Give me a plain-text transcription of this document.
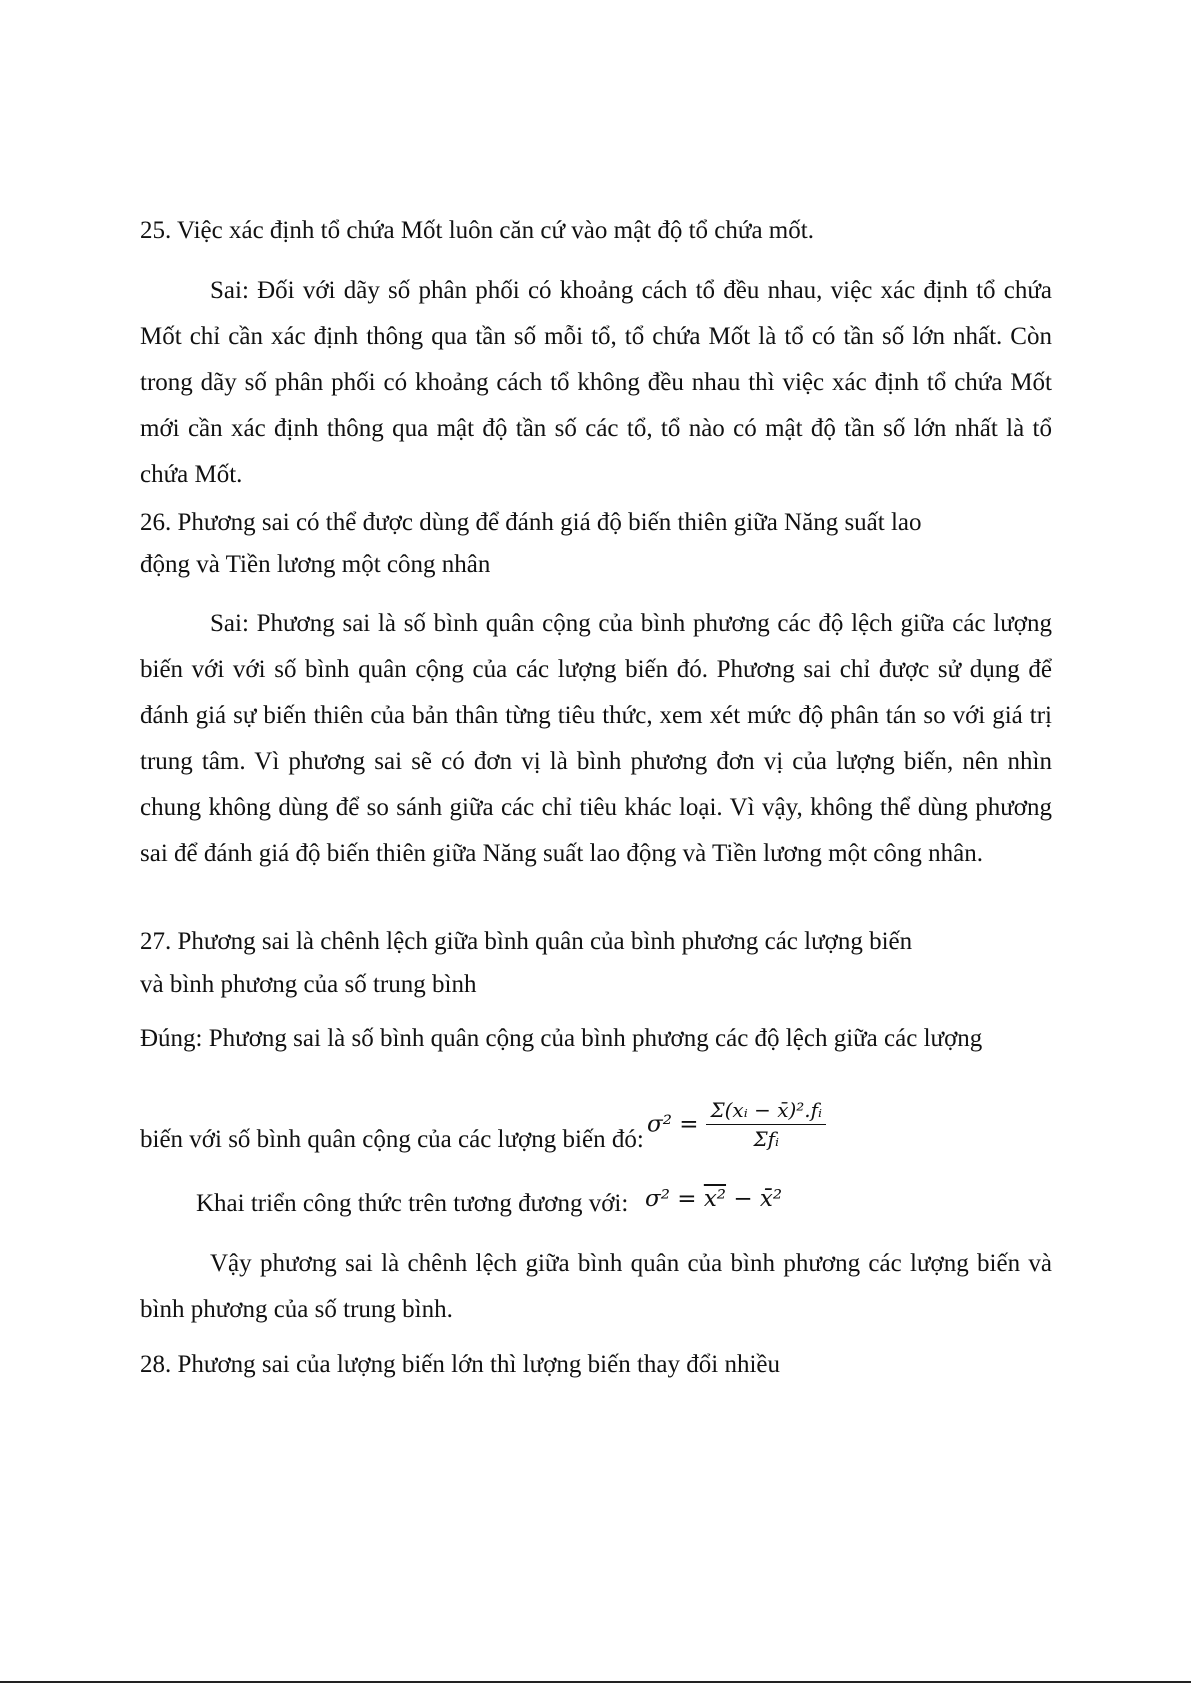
25. Việc xác định tổ chứa Mốt luôn căn cứ vào mật độ tổ chứa mốt.
Sai: Đối với dãy số phân phối có khoảng cách tổ đều nhau, việc xác định tổ chứa Mốt chỉ cần xác định thông qua tần số mỗi tổ, tổ chứa Mốt là tổ có tần số lớn nhất. Còn trong dãy số phân phối có khoảng cách tổ không đều nhau thì việc xác định tổ chứa Mốt mới cần xác định thông qua mật độ tần số các tổ, tổ nào có mật độ tần số lớn nhất là tổ chứa Mốt.
26. Phương sai có thể được dùng để đánh giá độ biến thiên giữa Năng suất lao
động và Tiền lương một công nhân
Sai: Phương sai là số bình quân cộng của bình phương các độ lệch giữa các lượng biến với với số bình quân cộng của các lượng biến đó. Phương sai chỉ được sử dụng để đánh giá sự biến thiên của bản thân từng tiêu thức, xem xét mức độ phân tán so với giá trị trung tâm. Vì phương sai sẽ có đơn vị là bình phương đơn vị của lượng biến, nên nhìn chung không dùng để so sánh giữa các chỉ tiêu khác loại. Vì vậy, không thể dùng phương sai để đánh giá độ biến thiên giữa Năng suất lao động và Tiền lương một công nhân.
27. Phương sai là chênh lệch giữa bình quân của bình phương các lượng biến
và bình phương của số trung bình
Đúng: Phương sai là số bình quân cộng của bình phương các độ lệch giữa các lượng
biến với số bình quân cộng của các lượng biến đó:
$\sigma^2 = \frac{\text{Σ(xᵢ − x̄)².fᵢ}}{\text{Σfᵢ}}$
Khai triển công thức trên tương đương với: σ² = x² − x̄²
Vậy phương sai là chênh lệch giữa bình quân của bình phương các lượng biến và bình phương của số trung bình.
28. Phương sai của lượng biến lớn thì lượng biến thay đổi nhiều
